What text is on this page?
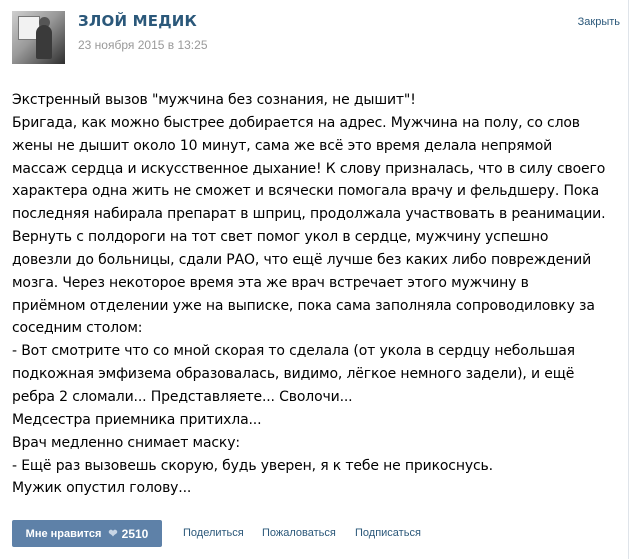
ЗЛОЙ МЕДИК
23 ноября 2015 в 13:25
Закрыть
Экстренный вызов "мужчина без сознания, не дышит"!
Бригада, как можно быстрее добирается на адрес. Мужчина на полу, со слов
жены не дышит около 10 минут, сама же всё это время делала непрямой
массаж сердца и искусственное дыхание! К слову призналась, что в силу своего
характера одна жить не сможет и всячески помогала врачу и фельдшеру. Пока
последняя набирала препарат в шприц, продолжала участвовать в реанимации.
Вернуть с полдороги на тот свет помог укол в сердце, мужчину успешно
довезли до больницы, сдали РАО, что ещё лучше без каких либо повреждений
мозга. Через некоторое время эта же врач встречает этого мужчину в
приёмном отделении уже на выписке, пока сама заполняла сопроводиловку за
соседним столом:
- Вот смотрите что со мной скорая то сделала (от укола в сердцу небольшая
подкожная эмфизема образовалась, видимо, лёгкое немного задели), и ещё
ребра 2 сломали... Представляете... Сволочи...
Медсестра приемника притихла...
Врач медленно снимает маску:
- Ещё раз вызовешь скорую, будь уверен, я к тебе не прикоснусь.
Мужик опустил голову...
Мне нравится ❤ 2510	Поделиться Пожаловаться Подписаться
